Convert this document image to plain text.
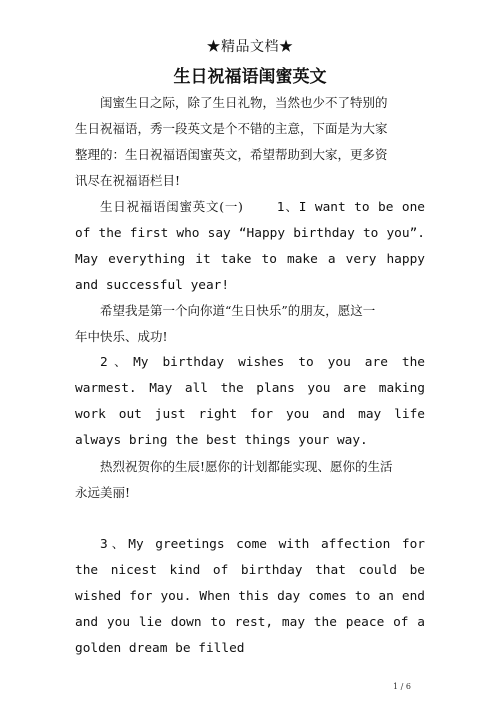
★精品文档★
生日祝福语闺蜜英文
闺蜜生日之际，除了生日礼物，当然也少不了特别的
生日祝福语，秀一段英文是个不错的主意，下面是为大家
整理的：生日祝福语闺蜜英文，希望帮助到大家，更多资
讯尽在祝福语栏目!
生日祝福语闺蜜英文(一)	1、I want to be one of the first who say “Happy birthday to you”. May everything it take to make a very happy and successful year!
希望我是第一个向你道“生日快乐”的朋友，愿这一
年中快乐、成功!
2、My birthday wishes to you are the warmest. May all the plans you are making work out just right for you and may life always bring the best things your way.
热烈祝贺你的生辰!愿你的计划都能实现、愿你的生活
永远美丽!
3、My greetings come with affection for the nicest kind of birthday that could be wished for you. When this day comes to an end and you lie down to rest, may the peace of a golden dream be filled
1 / 6
